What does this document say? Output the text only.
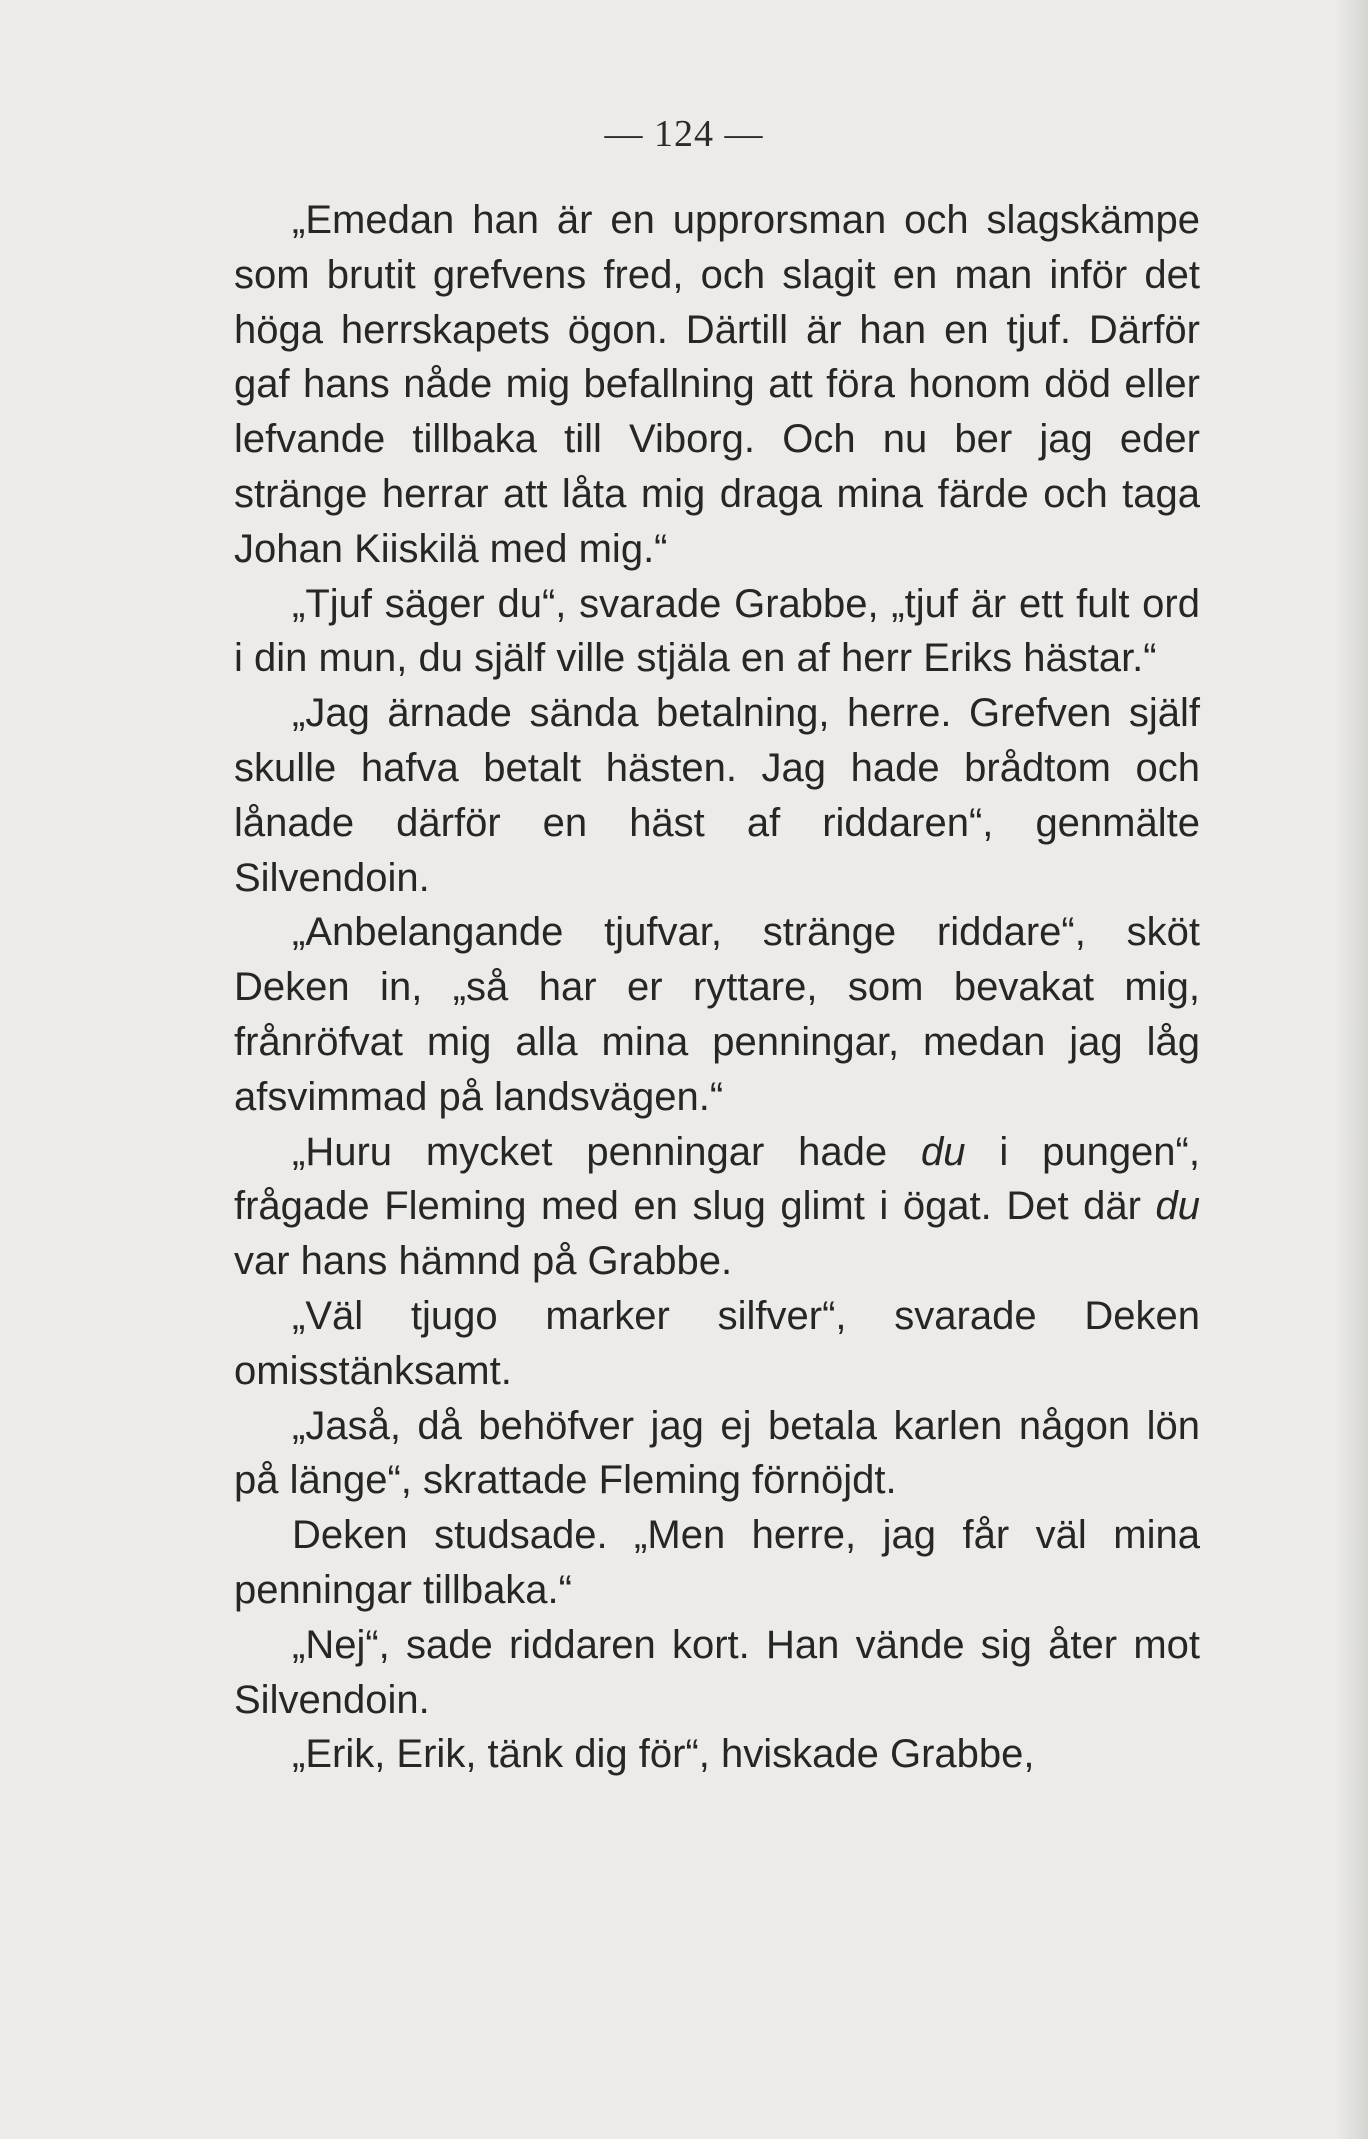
— 124 —

„Emedan han är en upprorsman och slagskämpe som brutit grefvens fred, och slagit en man inför det höga herrskapets ögon. Därtill är han en tjuf. Därför gaf hans nåde mig befallning att föra honom död eller lefvande tillbaka till Viborg. Och nu ber jag eder stränge herrar att låta mig draga mina färde och taga Johan Kiiskilä med mig.“

„Tjuf säger du“, svarade Grabbe, „tjuf är ett fult ord i din mun, du själf ville stjäla en af herr Eriks hästar.“

„Jag ärnade sända betalning, herre. Grefven själf skulle hafva betalt hästen. Jag hade brådtom och lånade därför en häst af riddaren“, genmälte Silvendoin.

„Anbelangande tjufvar, stränge riddare“, sköt Deken in, „så har er ryttare, som bevakat mig, frånröfvat mig alla mina penningar, medan jag låg afsvimmad på landsvägen.“

„Huru mycket penningar hade du i pungen“, frågade Fleming med en slug glimt i ögat. Det där du var hans hämnd på Grabbe.

„Väl tjugo marker silfver“, svarade Deken omisstänksamt.

„Jaså, då behöfver jag ej betala karlen någon lön på länge“, skrattade Fleming förnöjdt.

Deken studsade. „Men herre, jag får väl mina penningar tillbaka.“

„Nej“, sade riddaren kort. Han vände sig åter mot Silvendoin.

„Erik, Erik, tänk dig för“, hviskade Grabbe,
